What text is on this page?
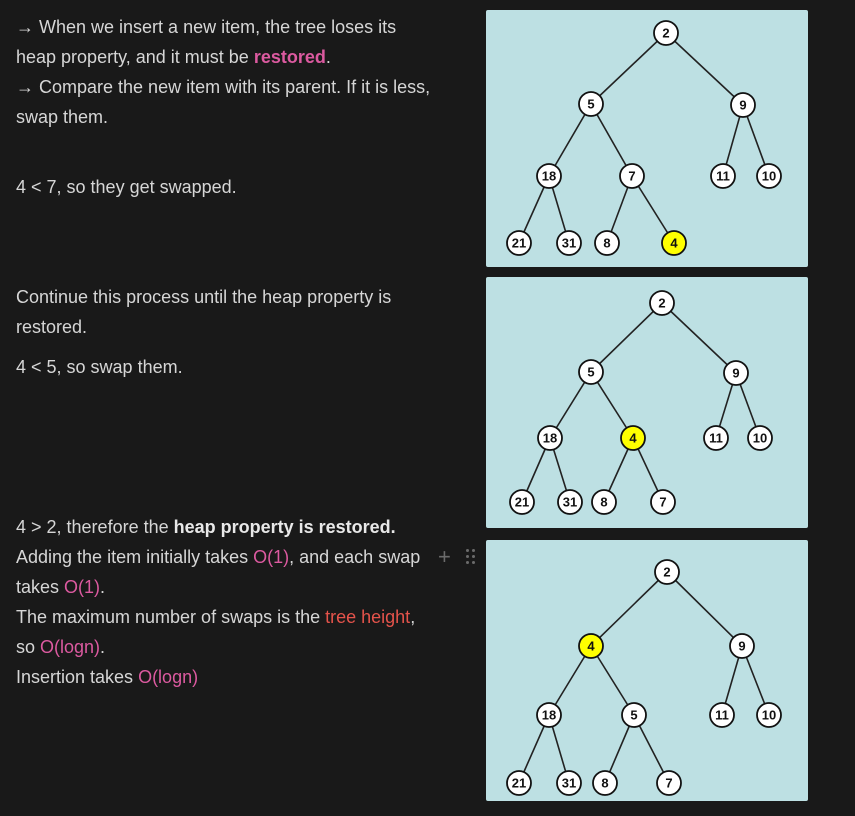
→ When we insert a new item, the tree loses its heap property, and it must be restored.
→ Compare the new item with its parent. If it is less, swap them.

4 < 7, so they get swapped.

Continue this process until the heap property is restored.

4 < 5, so swap them.

4 > 2, therefore the heap property is restored.
Adding the item initially takes O(1), and each swap takes O(1).
The maximum number of swaps is the tree height, so O(logn).
Insertion takes O(logn)
+
2
5	9
18	7	11 10
21	31 8	4
2
5	9
18	4	11 10
21	31 8	7
2
4	9
18	5	11	10
21	31 8	7
